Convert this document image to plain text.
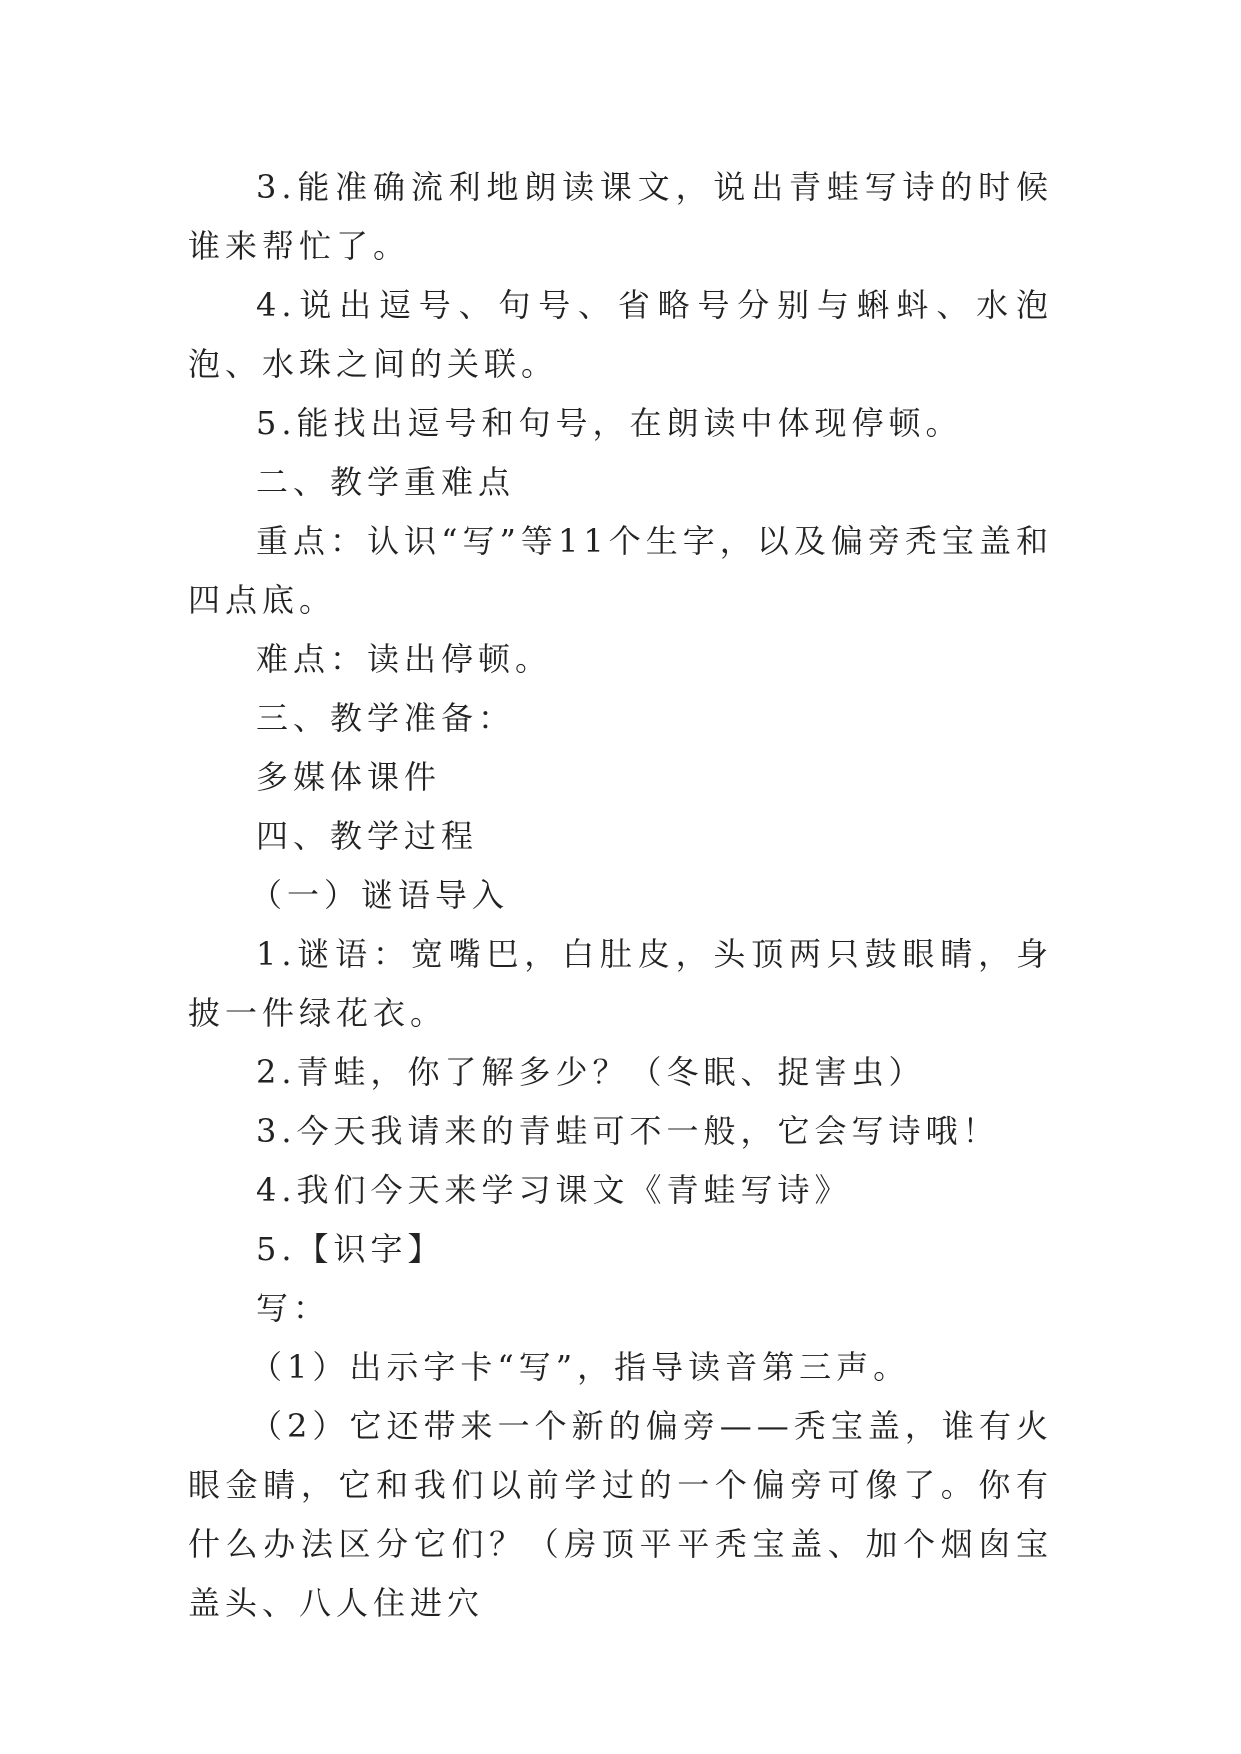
3.能准确流利地朗读课文，说出青蛙写诗的时候谁来帮忙了。

4.说出逗号、句号、省略号分别与蝌蚪、水泡泡、水珠之间的关联。

5.能找出逗号和句号，在朗读中体现停顿。

二、教学重难点

重点：认识“写”等11个生字，以及偏旁秃宝盖和四点底。

难点：读出停顿。

三、教学准备：

多媒体课件

四、教学过程

（一）谜语导入

1.谜语：宽嘴巴，白肚皮，头顶两只鼓眼睛，身披一件绿花衣。

2.青蛙，你了解多少？（冬眠、捉害虫）

3.今天我请来的青蛙可不一般，它会写诗哦！

4.我们今天来学习课文《青蛙写诗》

5.【识字】

写：

（1）出示字卡“写”，指导读音第三声。

（2）它还带来一个新的偏旁——秃宝盖，谁有火眼金睛，它和我们以前学过的一个偏旁可像了。你有什么办法区分它们？（房顶平平秃宝盖、加个烟囱宝盖头、八人住进穴
